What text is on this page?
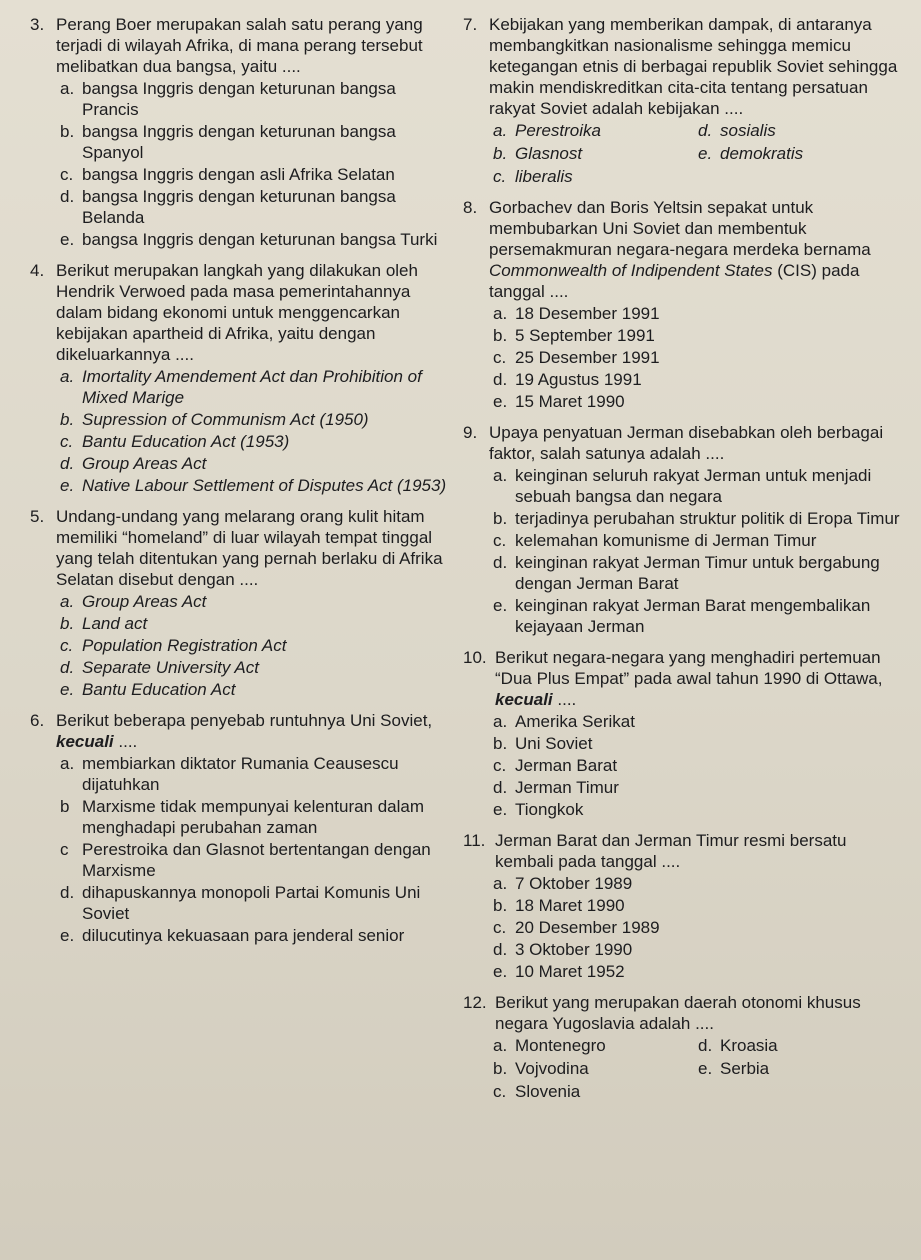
3. Perang Boer merupakan salah satu perang yang terjadi di wilayah Afrika, di mana perang tersebut melibatkan dua bangsa, yaitu ....
a. bangsa Inggris dengan keturunan bangsa Prancis
b. bangsa Inggris dengan keturunan bangsa Spanyol
c. bangsa Inggris dengan asli Afrika Selatan
d. bangsa Inggris dengan keturunan bangsa Belanda
e. bangsa Inggris dengan keturunan bangsa Turki
4. Berikut merupakan langkah yang dilakukan oleh Hendrik Verwoed pada masa pemerintahannya dalam bidang ekonomi untuk menggencarkan kebijakan apartheid di Afrika, yaitu dengan dikeluarkannya ....
a. Imortality Amendement Act dan Prohibition of Mixed Marige
b. Supression of Communism Act (1950)
c. Bantu Education Act (1953)
d. Group Areas Act
e. Native Labour Settlement of Disputes Act (1953)
5. Undang-undang yang melarang orang kulit hitam memiliki “homeland” di luar wilayah tempat tinggal yang telah ditentukan yang pernah berlaku di Afrika Selatan disebut dengan ....
a. Group Areas Act
b. Land act
c. Population Registration Act
d. Separate University Act
e. Bantu Education Act
6. Berikut beberapa penyebab runtuhnya Uni Soviet, kecuali ....
a. membiarkan diktator Rumania Ceausescu dijatuhkan
b Marxisme tidak mempunyai kelenturan dalam menghadapi perubahan zaman
c Perestroika dan Glasnot bertentangan dengan Marxisme
d. dihapuskannya monopoli Partai Komunis Uni Soviet
e. dilucutinya kekuasaan para jenderal senior
7. Kebijakan yang memberikan dampak, di antaranya membangkitkan nasionalisme sehingga memicu ketegangan etnis di berbagai republik Soviet sehingga makin mendiskreditkan cita-cita tentang persatuan rakyat Soviet adalah kebijakan ....
a. Perestroika	d. sosialis
b. Glasnost	e. demokratis
c. liberalis
8. Gorbachev dan Boris Yeltsin sepakat untuk membubarkan Uni Soviet dan membentuk persemakmuran negara-negara merdeka bernama Commonwealth of Indipendent States (CIS) pada tanggal ....
a. 18 Desember 1991
b. 5 September 1991
c. 25 Desember 1991
d. 19 Agustus 1991
e. 15 Maret 1990
9. Upaya penyatuan Jerman disebabkan oleh berbagai faktor, salah satunya adalah ....
a. keinginan seluruh rakyat Jerman untuk menjadi sebuah bangsa dan negara
b. terjadinya perubahan struktur politik di Eropa Timur
c. kelemahan komunisme di Jerman Timur
d. keinginan rakyat Jerman Timur untuk bergabung dengan Jerman Barat
e. keinginan rakyat Jerman Barat mengembalikan kejayaan Jerman
10. Berikut negara-negara yang menghadiri pertemuan “Dua Plus Empat” pada awal tahun 1990 di Ottawa, kecuali ....
a. Amerika Serikat
b. Uni Soviet
c. Jerman Barat
d. Jerman Timur
e. Tiongkok
11. Jerman Barat dan Jerman Timur resmi bersatu kembali pada tanggal ....
a. 7 Oktober 1989
b. 18 Maret 1990
c. 20 Desember 1989
d. 3 Oktober 1990
e. 10 Maret 1952
12. Berikut yang merupakan daerah otonomi khusus negara Yugoslavia adalah ....
a. Montenegro	d. Kroasia
b. Vojvodina	e. Serbia
c. Slovenia
